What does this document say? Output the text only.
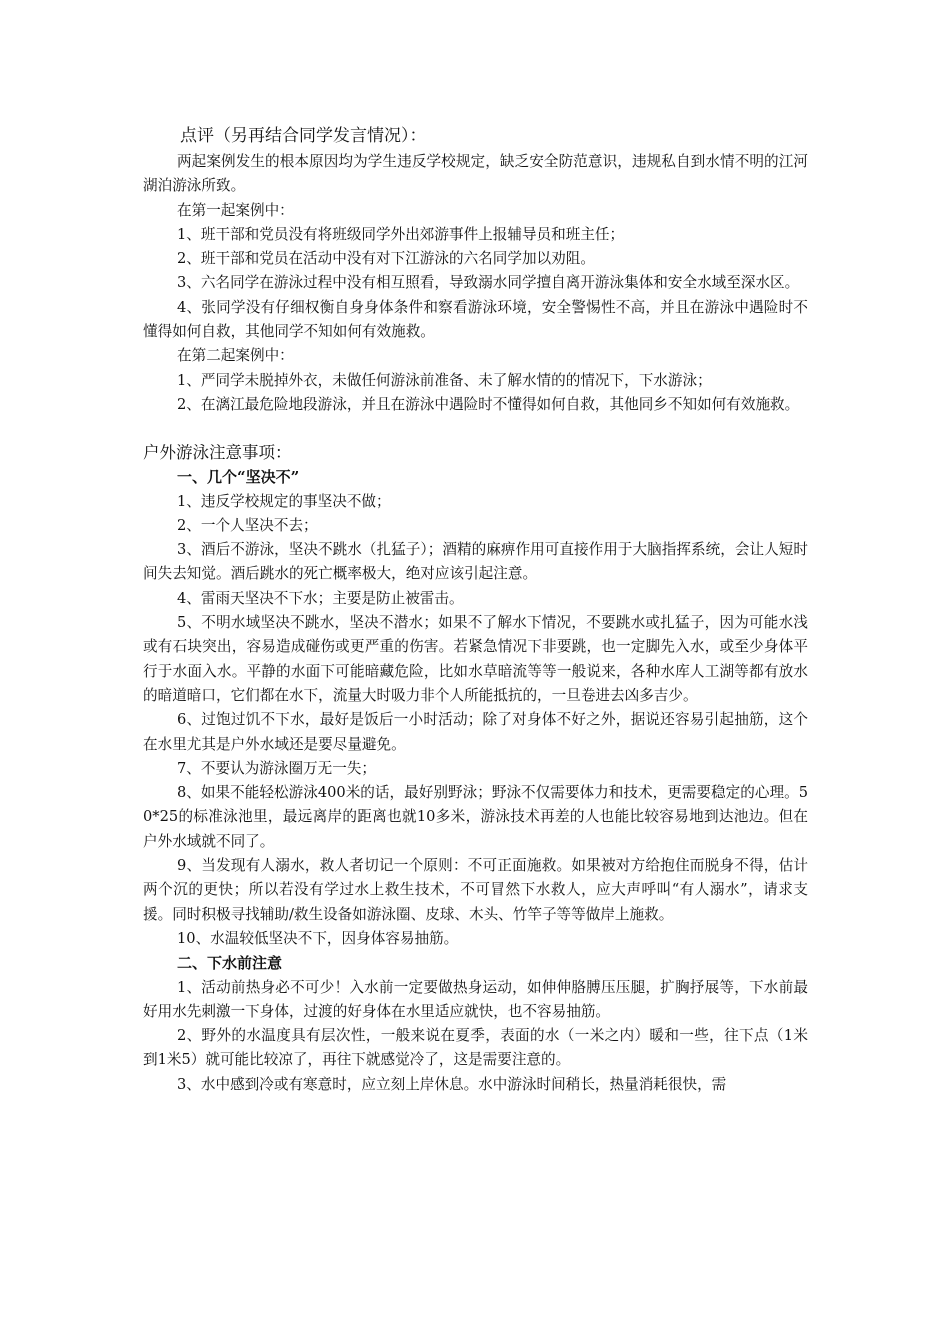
点评（另再结合同学发言情况）：

两起案例发生的根本原因均为学生违反学校规定，缺乏安全防范意识，违规私自到水情不明的江河湖泊游泳所致。

在第一起案例中：

1、班干部和党员没有将班级同学外出郊游事件上报辅导员和班主任；

2、班干部和党员在活动中没有对下江游泳的六名同学加以劝阻。

3、六名同学在游泳过程中没有相互照看，导致溺水同学擅自离开游泳集体和安全水域至深水区。

4、张同学没有仔细权衡自身身体条件和察看游泳环境，安全警惕性不高，并且在游泳中遇险时不懂得如何自救，其他同学不知如何有效施救。

在第二起案例中：

1、严同学未脱掉外衣，未做任何游泳前准备、未了解水情的的情况下，下水游泳；

2、在漓江最危险地段游泳，并且在游泳中遇险时不懂得如何自救，其他同乡不知如何有效施救。

户外游泳注意事项：

一、几个“坚决不”

1、违反学校规定的事坚决不做；

2、一个人坚决不去；

3、酒后不游泳，坚决不跳水（扎猛子）；酒精的麻痹作用可直接作用于大脑指挥系统，会让人短时间失去知觉。酒后跳水的死亡概率极大，绝对应该引起注意。

4、雷雨天坚决不下水；主要是防止被雷击。

5、不明水域坚决不跳水，坚决不潜水；如果不了解水下情况，不要跳水或扎猛子，因为可能水浅或有石块突出，容易造成碰伤或更严重的伤害。若紧急情况下非要跳，也一定脚先入水，或至少身体平行于水面入水。平静的水面下可能暗藏危险，比如水草暗流等等一般说来，各种水库人工湖等都有放水的暗道暗口，它们都在水下，流量大时吸力非个人所能抵抗的，一旦卷进去凶多吉少。

6、过饱过饥不下水，最好是饭后一小时活动；除了对身体不好之外，据说还容易引起抽筋，这个在水里尤其是户外水域还是要尽量避免。

7、不要认为游泳圈万无一失；

8、如果不能轻松游泳400米的话，最好别野泳；野泳不仅需要体力和技术，更需要稳定的心理。50*25的标准泳池里，最远离岸的距离也就10多米，游泳技术再差的人也能比较容易地到达池边。但在户外水域就不同了。

9、当发现有人溺水，救人者切记一个原则：不可正面施救。如果被对方给抱住而脱身不得，估计两个沉的更快；所以若没有学过水上救生技术，不可冒然下水救人，应大声呼叫“有人溺水”，请求支援。同时积极寻找辅助/救生设备如游泳圈、皮球、木头、竹竿子等等做岸上施救。

10、水温较低坚决不下，因身体容易抽筋。

二、下水前注意

1、活动前热身必不可少！入水前一定要做热身运动，如伸伸胳膊压压腿，扩胸抒展等，下水前最好用水先刺激一下身体，过渡的好身体在水里适应就快，也不容易抽筋。

2、野外的水温度具有层次性，一般来说在夏季，表面的水（一米之内）暖和一些，往下点（1米到1米5）就可能比较凉了，再往下就感觉冷了，这是需要注意的。

3、水中感到冷或有寒意时，应立刻上岸休息。水中游泳时间稍长，热量消耗很快，需
